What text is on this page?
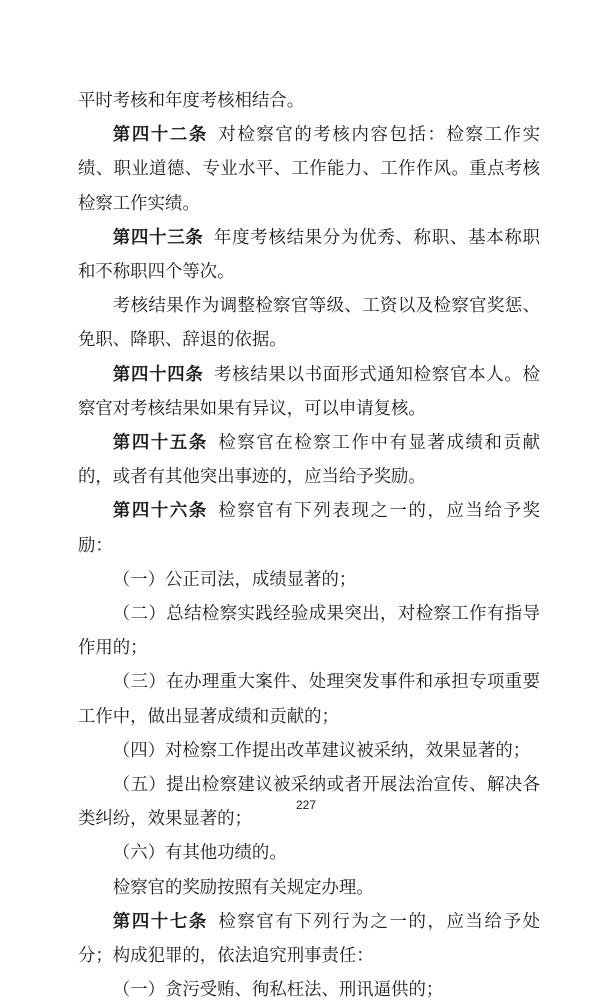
平时考核和年度考核相结合。

第四十二条 对检察官的考核内容包括：检察工作实绩、职业道德、专业水平、工作能力、工作作风。重点考核检察工作实绩。

第四十三条 年度考核结果分为优秀、称职、基本称职和不称职四个等次。

考核结果作为调整检察官等级、工资以及检察官奖惩、免职、降职、辞退的依据。

第四十四条 考核结果以书面形式通知检察官本人。检察官对考核结果如果有异议，可以申请复核。

第四十五条 检察官在检察工作中有显著成绩和贡献的，或者有其他突出事迹的，应当给予奖励。

第四十六条 检察官有下列表现之一的，应当给予奖励：

（一）公正司法，成绩显著的；

（二）总结检察实践经验成果突出，对检察工作有指导作用的；

（三）在办理重大案件、处理突发事件和承担专项重要工作中，做出显著成绩和贡献的；

（四）对检察工作提出改革建议被采纳，效果显著的；

（五）提出检察建议被采纳或者开展法治宣传、解决各类纠纷，效果显著的；

（六）有其他功绩的。

检察官的奖励按照有关规定办理。

第四十七条 检察官有下列行为之一的，应当给予处分；构成犯罪的，依法追究刑事责任：

（一）贪污受贿、徇私枉法、刑讯逼供的；

227
